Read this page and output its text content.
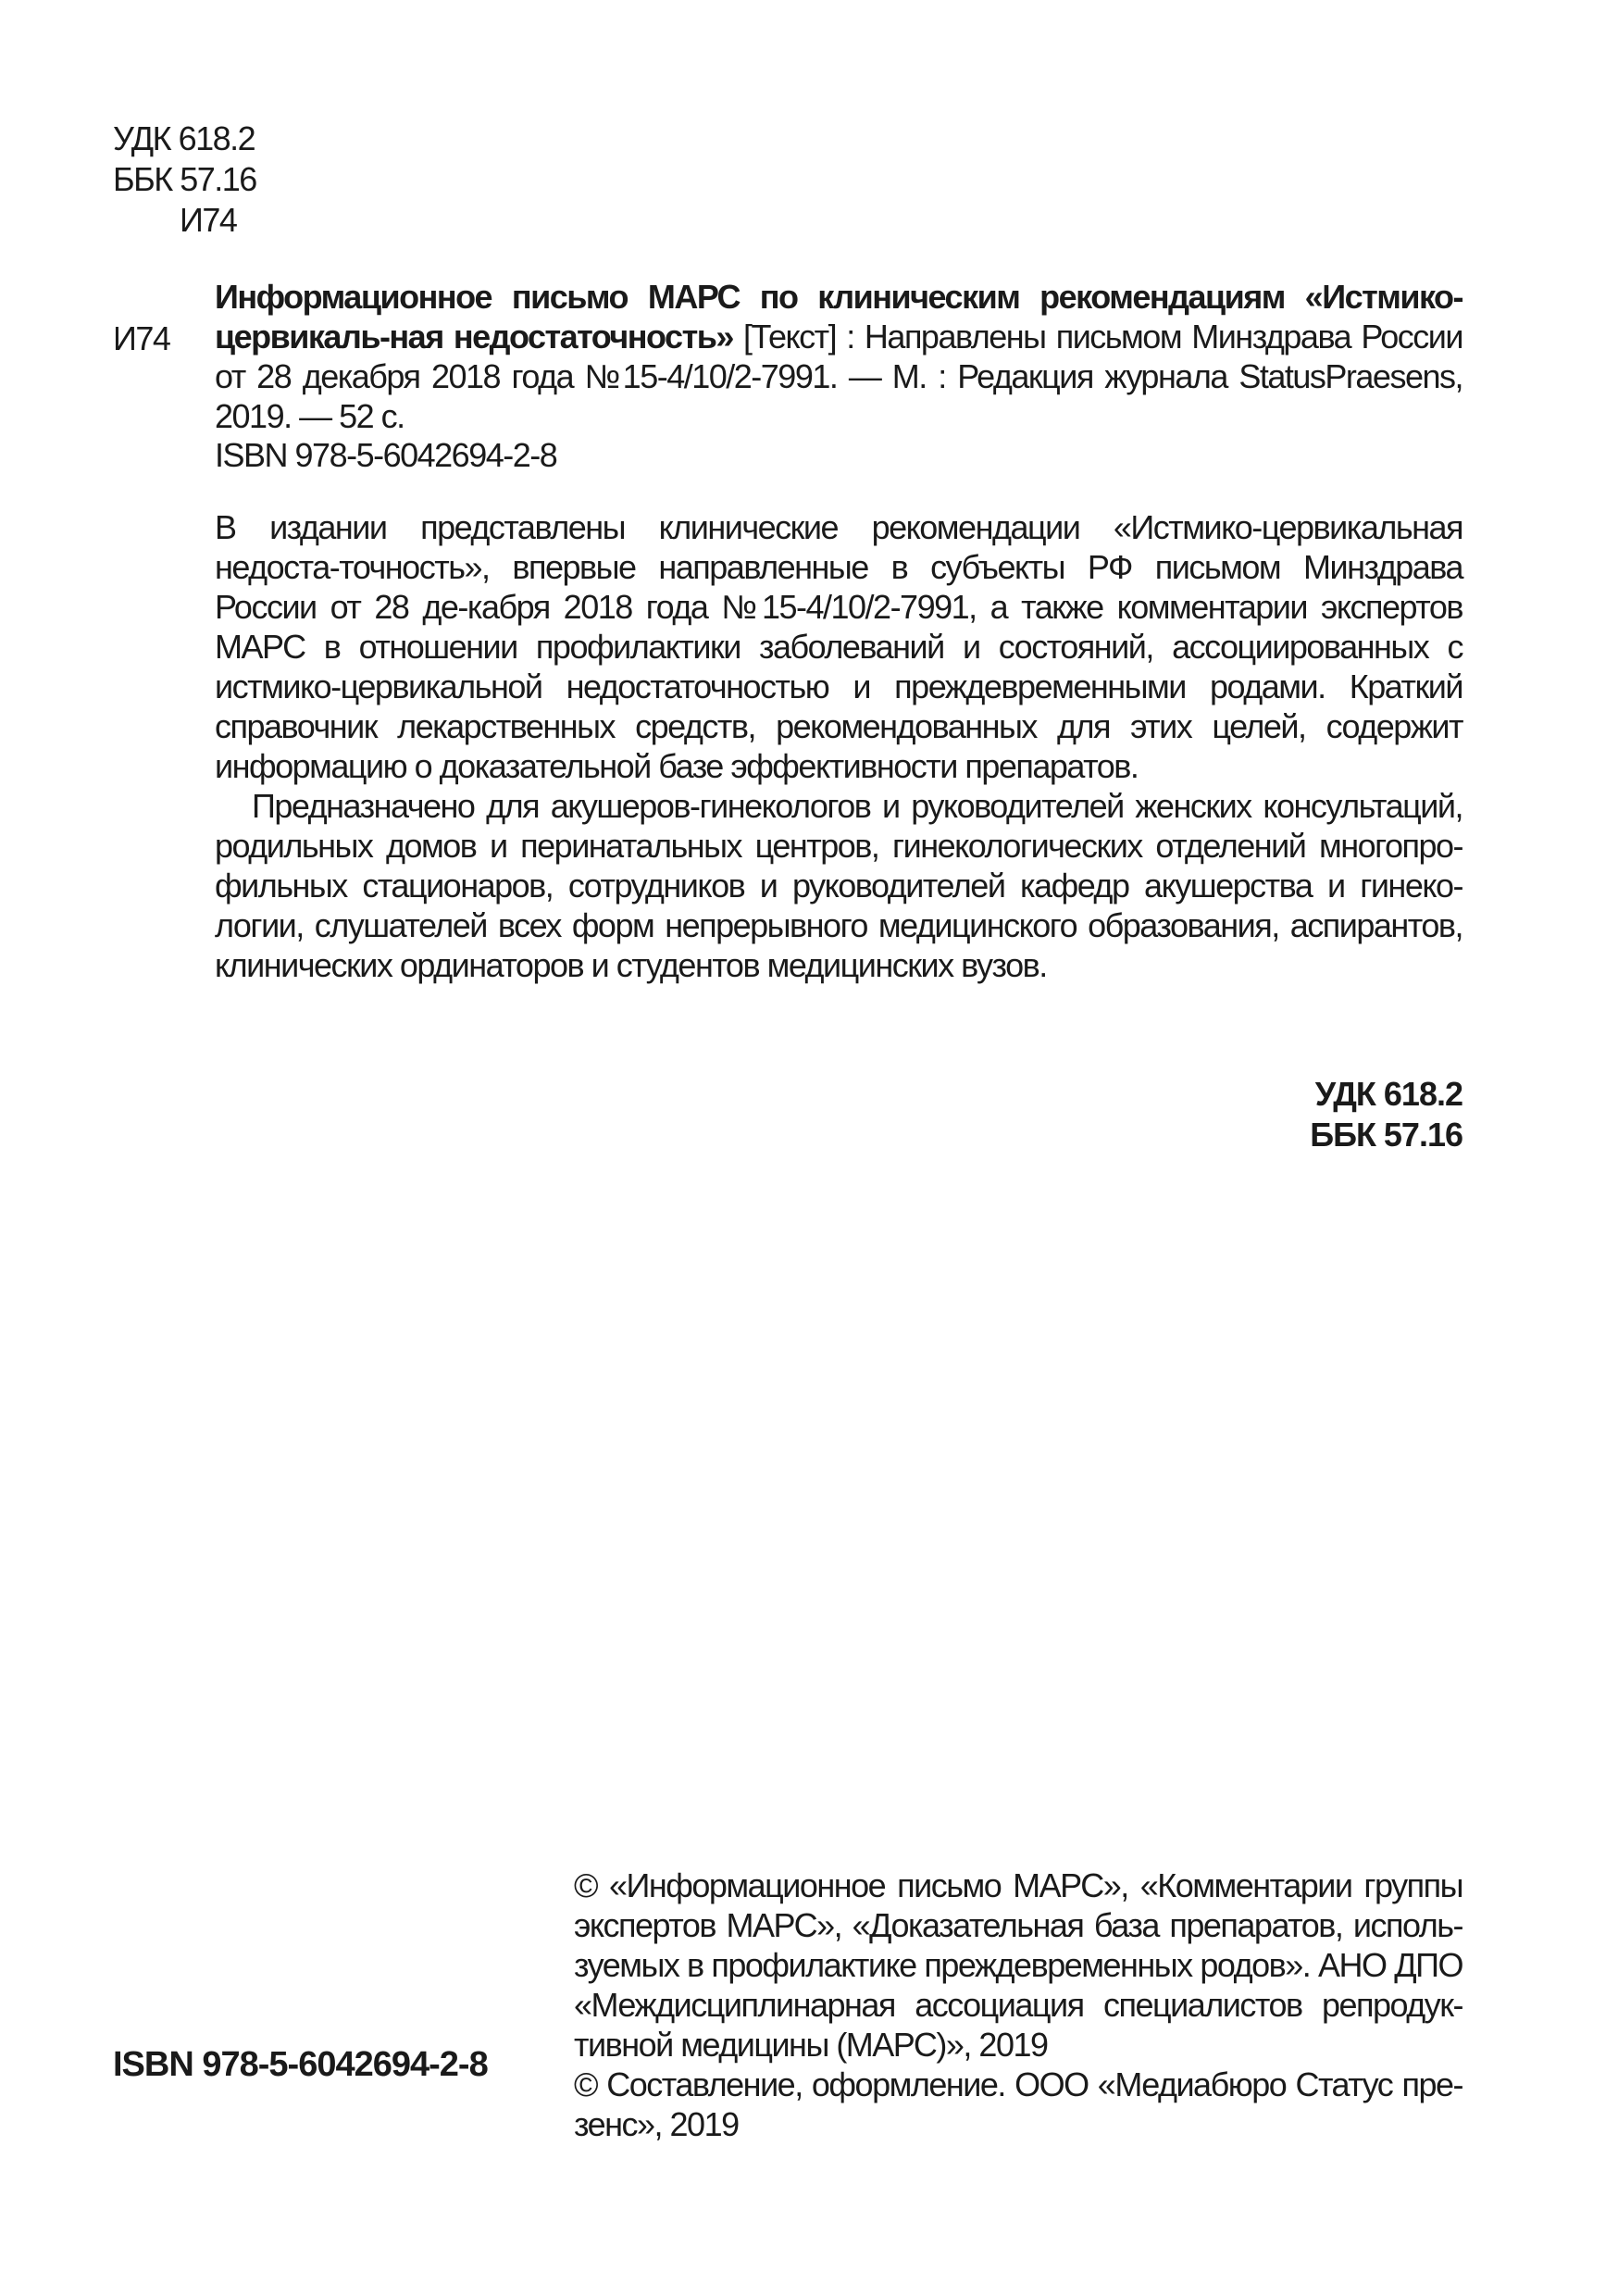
УДК 618.2
ББК 57.16
И74
И74
Информационное письмо МАРС по клиническим рекомендациям «Истмико-цервикаль-ная недостаточность» [Текст] : Направлены письмом Минздрава России от 28 декабря 2018 года №15-4/10/2-7991. — М. : Редакция журнала StatusPraesens, 2019. — 52 с.
ISBN 978-5-6042694-2-8

В издании представлены клинические рекомендации «Истмико-цервикальная недоста-точность», впервые направленные в субъекты РФ письмом Минздрава России от 28 де-кабря 2018 года №15-4/10/2-7991, а также комментарии экспертов МАРС в отношении профилактики заболеваний и состояний, ассоциированных с истмико-цервикальной недостаточностью и преждевременными родами. Краткий справочник лекарственных средств, рекомендованных для этих целей, содержит информацию о доказательной базе эффективности препаратов.

Предназначено для акушеров-гинекологов и руководителей женских консультаций, родильных домов и перинатальных центров, гинекологических отделений многопро-фильных стационаров, сотрудников и руководителей кафедр акушерства и гинеко-логии, слушателей всех форм непрерывного медицинского образования, аспирантов, клинических ординаторов и студентов медицинских вузов.

УДК 618.2
ББК 57.16

© «Информационное письмо МАРС», «Комментарии группы экспертов МАРС», «Доказательная база препаратов, исполь-зуемых в профилактике преждевременных родов». АНО ДПО «Междисциплинарная ассоциация специалистов репродук-тивной медицины (МАРС)», 2019

© Составление, оформление. ООО «Медиабюро Статус пре-зенс», 2019

ISBN 978-5-6042694-2-8
